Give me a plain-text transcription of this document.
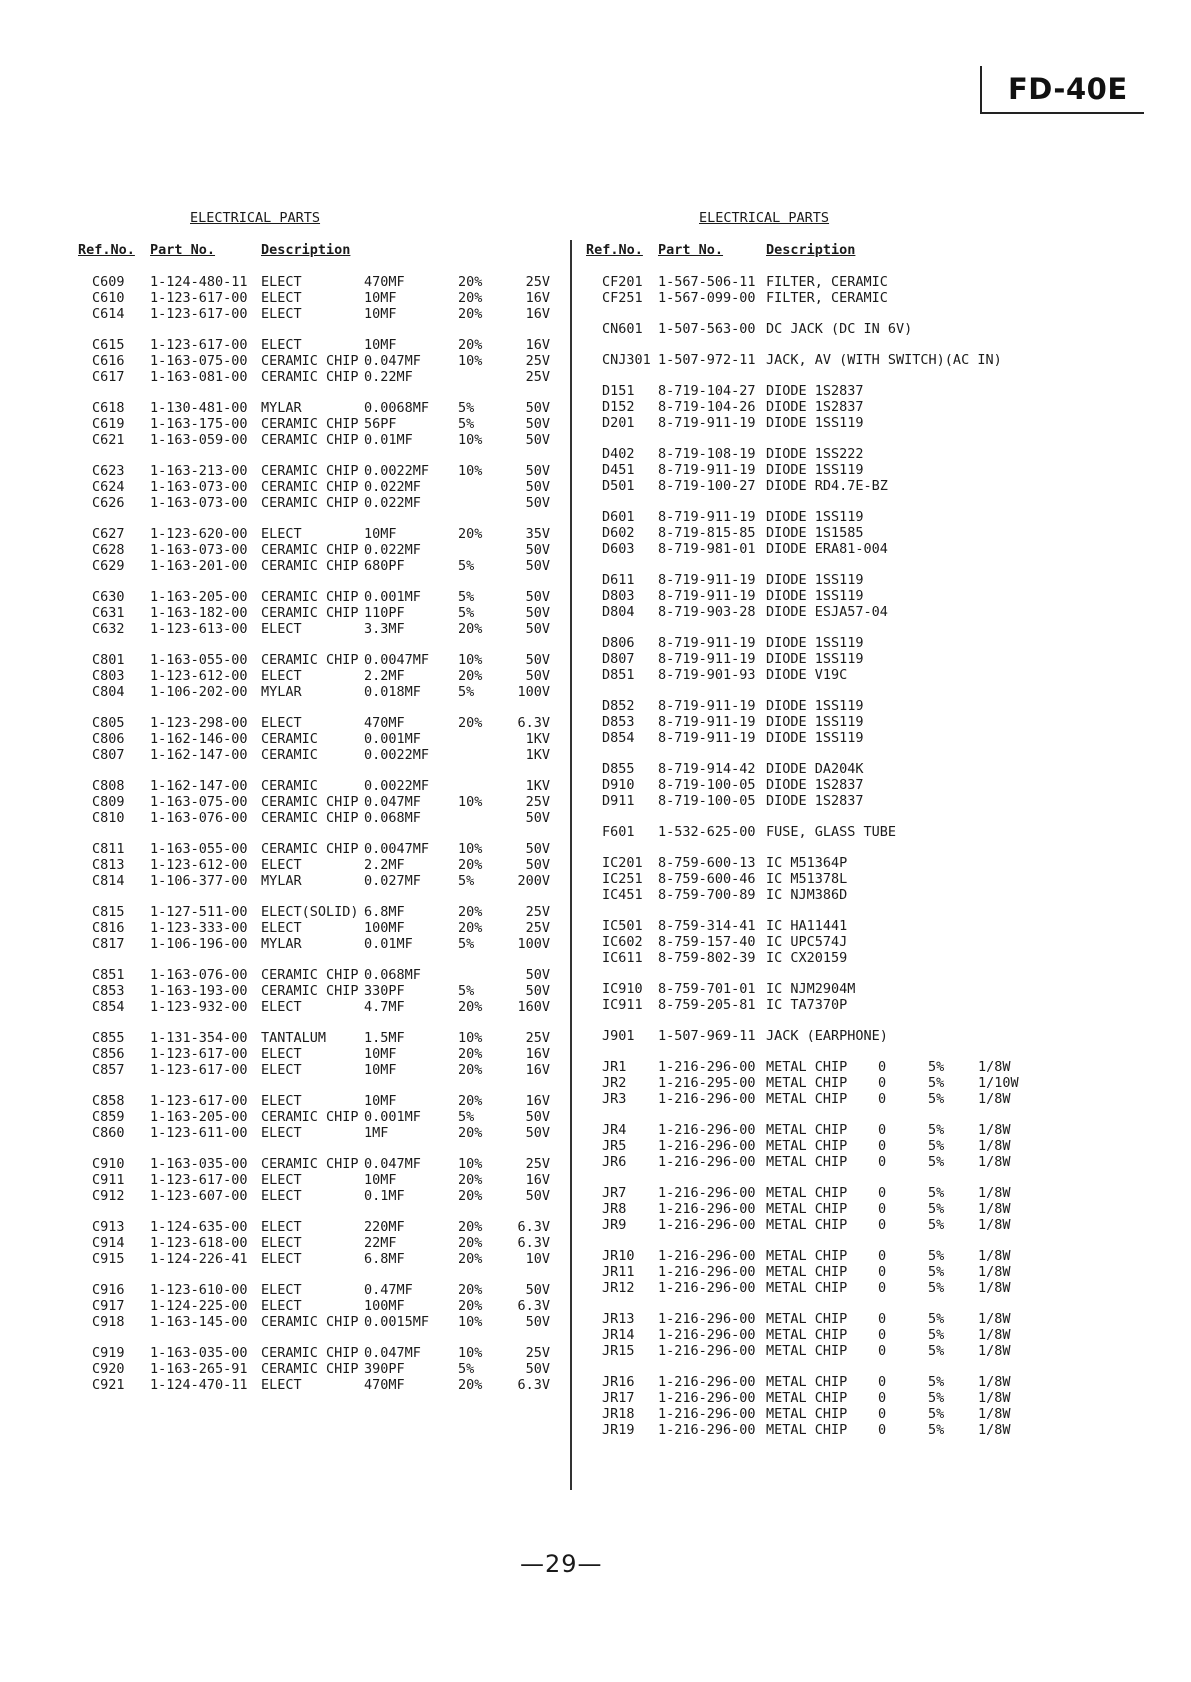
FD-40E
ELECTRICAL PARTS
Ref.No. Part No.	Description
C609 1-124-480-11 ELECT	470MF	20%	25V
C610 1-123-617-00 ELECT	10MF	20%	16V
C614 1-123-617-00 ELECT	10MF	20%	16V
C615 1-123-617-00 ELECT	10MF	20%	16V
C616 1-163-075-00 CERAMIC CHIP 0.047MF	10%	25V
C617 1-163-081-00 CERAMIC CHIP 0.22MF	25V
C618 1-130-481-00 MYLAR	0.0068MF 5%	50V
C619 1-163-175-00 CERAMIC CHIP 56PF	5%	50V
C621 1-163-059-00 CERAMIC CHIP 0.01MF	10%	50V
C623 1-163-213-00 CERAMIC CHIP 0.0022MF 10%	50V
C624 1-163-073-00 CERAMIC CHIP 0.022MF	50V
C626 1-163-073-00 CERAMIC CHIP 0.022MF	50V
C627 1-123-620-00 ELECT	10MF	20%	35V
C628 1-163-073-00 CERAMIC CHIP 0.022MF	50V
C629 1-163-201-00 CERAMIC CHIP 680PF	5%	50V
C630 1-163-205-00 CERAMIC CHIP 0.001MF	5%	50V
C631 1-163-182-00 CERAMIC CHIP 110PF	5%	50V
C632 1-123-613-00 ELECT	3.3MF	20%	50V
C801 1-163-055-00 CERAMIC CHIP 0.0047MF 10%	50V
C803 1-123-612-00 ELECT	2.2MF	20%	50V
C804 1-106-202-00 MYLAR	0.018MF	5%	100V
C805 1-123-298-00 ELECT	470MF	20%	6.3V
C806 1-162-146-00 CERAMIC	0.001MF	1KV
C807 1-162-147-00 CERAMIC	0.0022MF	1KV
C808 1-162-147-00 CERAMIC	0.0022MF	1KV
C809 1-163-075-00 CERAMIC CHIP 0.047MF	10%	25V
C810 1-163-076-00 CERAMIC CHIP 0.068MF	50V
C811 1-163-055-00 CERAMIC CHIP 0.0047MF 10%	50V
C813 1-123-612-00 ELECT	2.2MF	20%	50V
C814 1-106-377-00 MYLAR	0.027MF	5%	200V
C815 1-127-511-00 ELECT(SOLID) 6.8MF	20%	25V
C816 1-123-333-00 ELECT	100MF	20%	25V
C817 1-106-196-00 MYLAR	0.01MF	5%	100V
C851 1-163-076-00 CERAMIC CHIP 0.068MF	50V
C853 1-163-193-00 CERAMIC CHIP 330PF	5%	50V
C854 1-123-932-00 ELECT	4.7MF	20%	160V
C855 1-131-354-00 TANTALUM	1.5MF	10%	25V
C856 1-123-617-00 ELECT	10MF	20%	16V
C857 1-123-617-00 ELECT	10MF	20%	16V
C858 1-123-617-00 ELECT	10MF	20%	16V
C859 1-163-205-00 CERAMIC CHIP 0.001MF	5%	50V
C860 1-123-611-00 ELECT	1MF	20%	50V
C910 1-163-035-00 CERAMIC CHIP 0.047MF	10%	25V
C911 1-123-617-00 ELECT	10MF	20%	16V
C912 1-123-607-00 ELECT	0.1MF	20%	50V
C913 1-124-635-00 ELECT	220MF	20%	6.3V
C914 1-123-618-00 ELECT	22MF	20%	6.3V
C915 1-124-226-41 ELECT	6.8MF	20%	10V
C916 1-123-610-00 ELECT	0.47MF	20%	50V
C917 1-124-225-00 ELECT	100MF	20%	6.3V
C918 1-163-145-00 CERAMIC CHIP 0.0015MF 10%	50V
C919 1-163-035-00 CERAMIC CHIP 0.047MF	10%	25V
C920 1-163-265-91 CERAMIC CHIP 390PF	5%	50V
C921 1-124-470-11 ELECT	470MF	20%	6.3V
ELECTRICAL PARTS
Ref.No. Part No.	Description
CF201 1-567-506-11 FILTER, CERAMIC
CF251 1-567-099-00 FILTER, CERAMIC
CN601 1-507-563-00 DC JACK (DC IN 6V)
CNJ301 1-507-972-11 JACK, AV (WITH SWITCH)(AC IN)
D151 8-719-104-27 DIODE 1S2837
D152 8-719-104-26 DIODE 1S2837
D201 8-719-911-19 DIODE 1SS119
D402 8-719-108-19 DIODE 1SS222
D451 8-719-911-19 DIODE 1SS119
D501 8-719-100-27 DIODE RD4.7E-BZ
D601 8-719-911-19 DIODE 1SS119
D602 8-719-815-85 DIODE 1S1585
D603 8-719-981-01 DIODE ERA81-004
D611 8-719-911-19 DIODE 1SS119
D803 8-719-911-19 DIODE 1SS119
D804 8-719-903-28 DIODE ESJA57-04
D806 8-719-911-19 DIODE 1SS119
D807 8-719-911-19 DIODE 1SS119
D851 8-719-901-93 DIODE V19C
D852 8-719-911-19 DIODE 1SS119
D853 8-719-911-19 DIODE 1SS119
D854 8-719-911-19 DIODE 1SS119
D855 8-719-914-42 DIODE DA204K
D910 8-719-100-05 DIODE 1S2837
D911 8-719-100-05 DIODE 1S2837
F601 1-532-625-00 FUSE, GLASS TUBE
IC201 8-759-600-13 IC M51364P
IC251 8-759-600-46 IC M51378L
IC451 8-759-700-89 IC NJM386D
IC501 8-759-314-41 IC HA11441
IC602 8-759-157-40 IC UPC574J
IC611 8-759-802-39 IC CX20159
IC910 8-759-701-01 IC NJM2904M
IC911 8-759-205-81 IC TA7370P
J901 1-507-969-11 JACK (EARPHONE)
JR1 1-216-296-00 METAL CHIP 0	5% 1/8W
JR2 1-216-295-00 METAL CHIP 0	5% 1/10W
JR3 1-216-296-00 METAL CHIP 0	5% 1/8W
JR4 1-216-296-00 METAL CHIP 0	5% 1/8W
JR5 1-216-296-00 METAL CHIP 0	5% 1/8W
JR6 1-216-296-00 METAL CHIP 0	5% 1/8W
JR7 1-216-296-00 METAL CHIP 0	5% 1/8W
JR8 1-216-296-00 METAL CHIP 0	5% 1/8W
JR9 1-216-296-00 METAL CHIP 0	5% 1/8W
JR10 1-216-296-00 METAL CHIP 0	5% 1/8W
JR11 1-216-296-00 METAL CHIP 0	5% 1/8W
JR12 1-216-296-00 METAL CHIP 0	5% 1/8W
JR13 1-216-296-00 METAL CHIP 0	5% 1/8W
JR14 1-216-296-00 METAL CHIP 0	5% 1/8W
JR15 1-216-296-00 METAL CHIP 0	5% 1/8W
JR16 1-216-296-00 METAL CHIP 0	5% 1/8W
JR17 1-216-296-00 METAL CHIP 0	5% 1/8W
JR18 1-216-296-00 METAL CHIP 0	5% 1/8W
JR19 1-216-296-00 METAL CHIP 0	5% 1/8W
—29—
